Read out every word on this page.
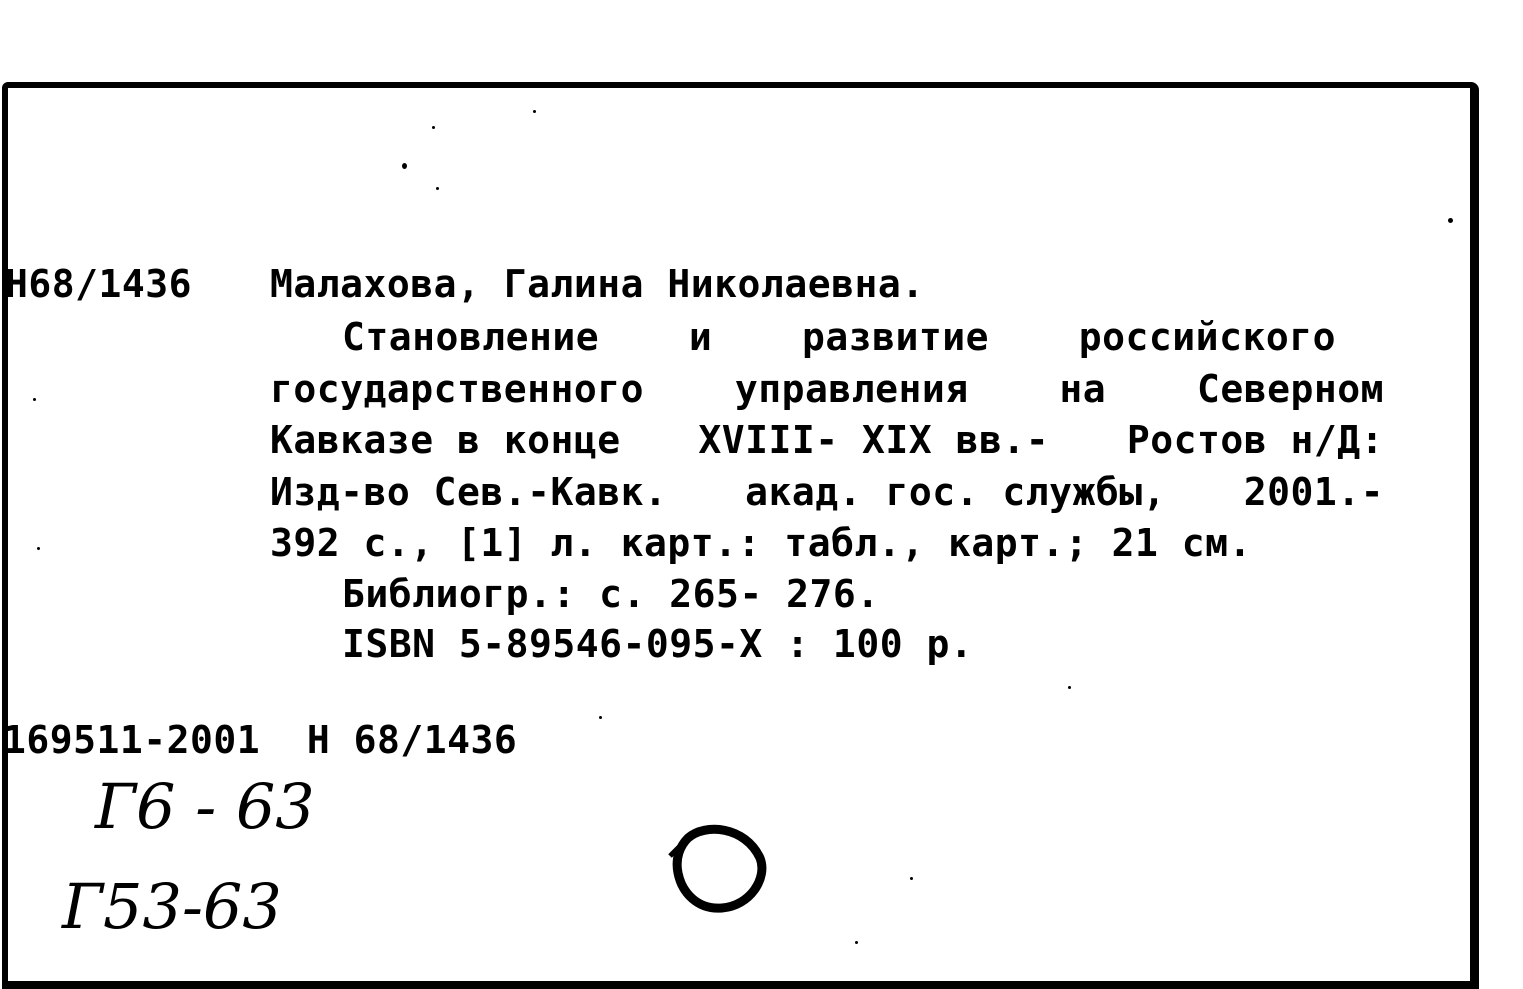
Н68/1436 Малахова, Галина Николаевна.
Становление и развитие российского
государственного управления на Северном
Кавказе в конце XVIII- XIX вв.- Ростов н/Д:
Изд-во Сев.-Кавк. акад. гос. службы, 2001.-
392 с., [1] л. карт.: табл., карт.; 21 см.
Библиогр.: с. 265- 276.
ISBN 5-89546-095-X : 100 р.
169511-2001  Н 68/1436
Г6 - 63
Г53-63
